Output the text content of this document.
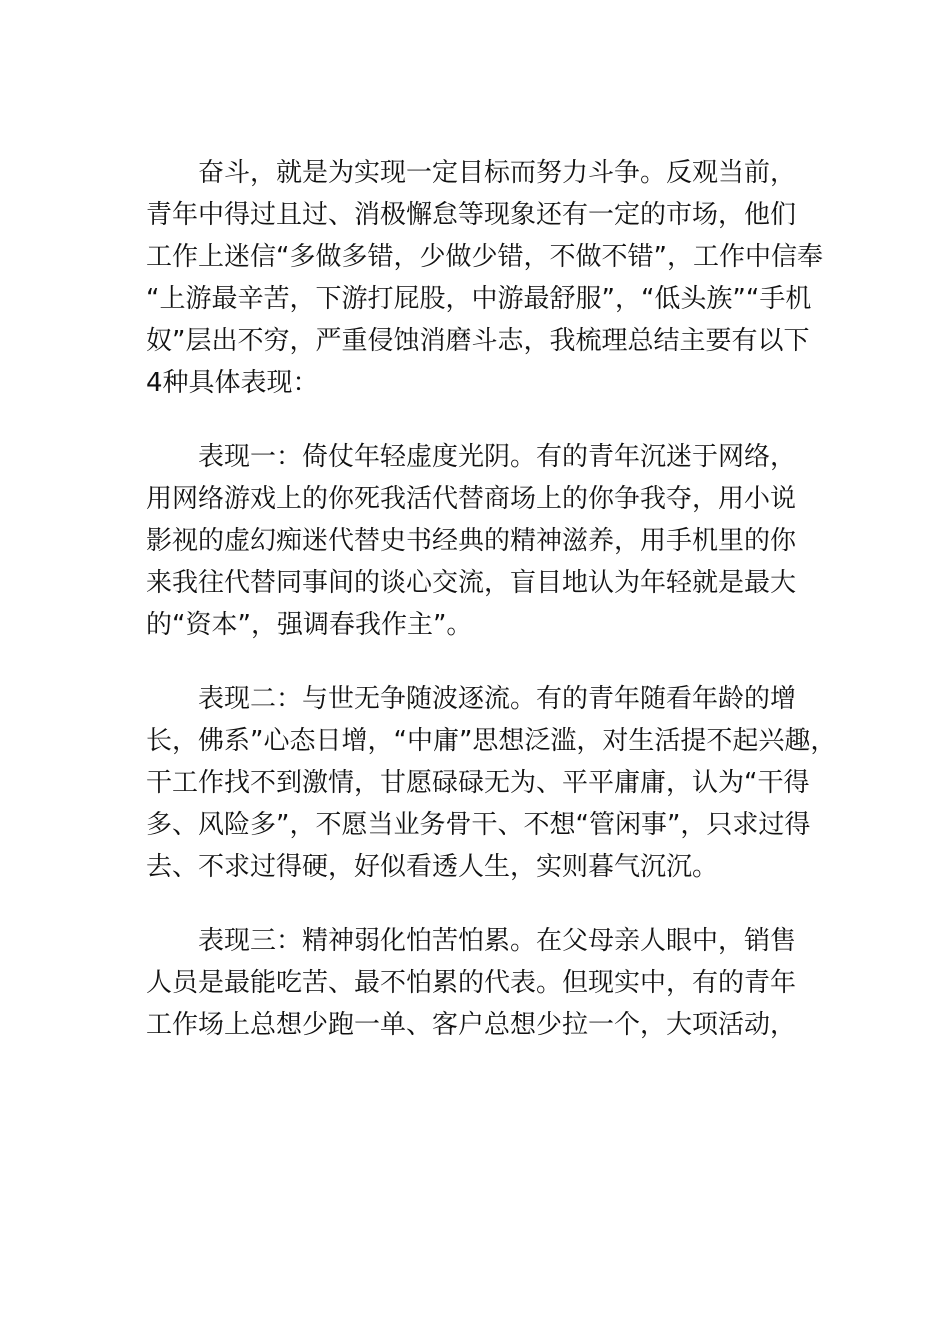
奋斗，就是为实现一定目标而努力斗争。反观当前，
青年中得过且过、消极懈怠等现象还有一定的市场，他们
工作上迷信“多做多错，少做少错，不做不错”，工作中信奉
“上游最辛苦，下游打屁股，中游最舒服”，“低头族”“手机
奴”层出不穷，严重侵蚀消磨斗志，我梳理总结主要有以下
4种具体表现：
表现一：倚仗年轻虚度光阴。有的青年沉迷于网络，
用网络游戏上的你死我活代替商场上的你争我夺，用小说
影视的虚幻痴迷代替史书经典的精神滋养，用手机里的你
来我往代替同事间的谈心交流，盲目地认为年轻就是最大
的“资本”，强调春我作主”。
表现二：与世无争随波逐流。有的青年随看年龄的增
长，佛系”心态日增，“中庸”思想泛滥，对生活提不起兴趣，
干工作找不到激情，甘愿碌碌无为、平平庸庸，认为“干得
多、风险多”，不愿当业务骨干、不想“管闲事”，只求过得
去、不求过得硬，好似看透人生，实则暮气沉沉。
表现三：精神弱化怕苦怕累。在父母亲人眼中，销售
人员是最能吃苦、最不怕累的代表。但现实中，有的青年
工作场上总想少跑一单、客户总想少拉一个，大项活动，
